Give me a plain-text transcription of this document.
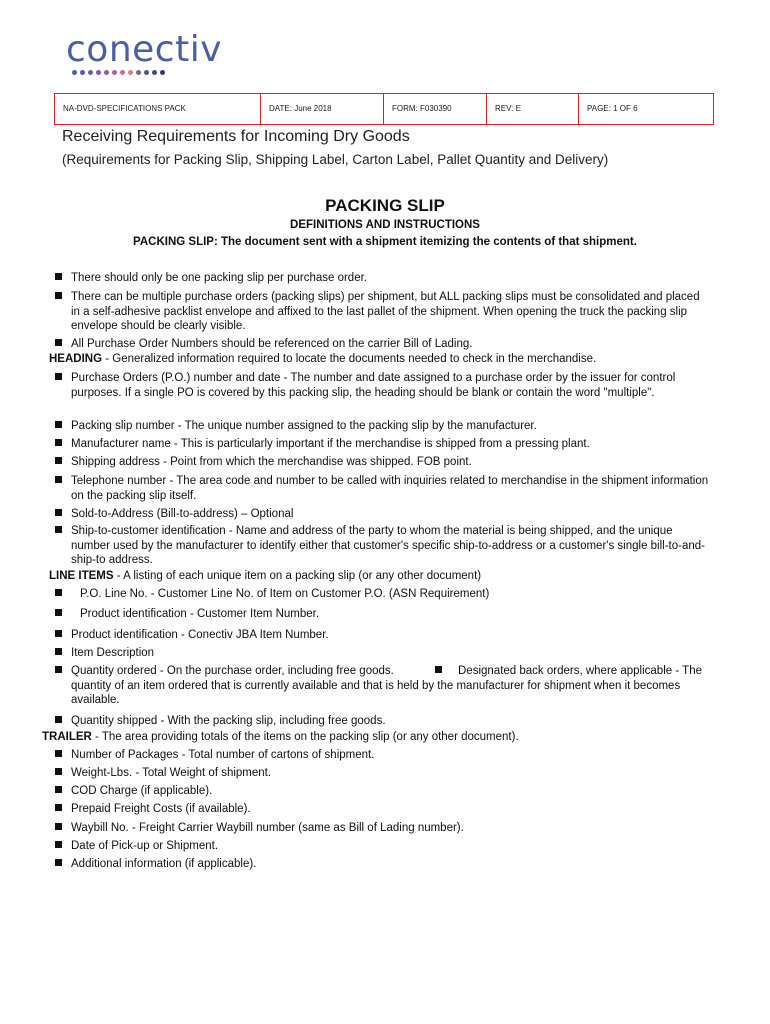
conectiv
NA-DVD-SPECIFICATIONS PACK	DATE: June 2018	FORM: F030390	REV: E	PAGE: 1 OF 6
Receiving Requirements for Incoming Dry Goods
(Requirements for Packing Slip, Shipping Label, Carton Label, Pallet Quantity and Delivery)
PACKING SLIP
DEFINITIONS AND INSTRUCTIONS
PACKING SLIP: The document sent with a shipment itemizing the contents of that shipment.
There should only be one packing slip per purchase order.
There can be multiple purchase orders (packing slips) per shipment, but ALL packing slips must be consolidated and placed in a self-adhesive packlist envelope and affixed to the last pallet of the shipment. When opening the truck the packing slip envelope should be clearly visible.
All Purchase Order Numbers should be referenced on the carrier Bill of Lading.
HEADING - Generalized information required to locate the documents needed to check in the merchandise.
Purchase Orders (P.O.) number and date - The number and date assigned to a purchase order by the issuer for control purposes. If a single PO is covered by this packing slip, the heading should be blank or contain the word "multiple".
Packing slip number - The unique number assigned to the packing slip by the manufacturer.
Manufacturer name - This is particularly important if the merchandise is shipped from a pressing plant.
Shipping address - Point from which the merchandise was shipped. FOB point.
Telephone number - The area code and number to be called with inquiries related to merchandise in the shipment information on the packing slip itself.
Sold-to-Address (Bill-to-address) – Optional
Ship-to-customer identification - Name and address of the party to whom the material is being shipped, and the unique number used by the manufacturer to identify either that customer's specific ship-to-address or a customer's single bill-to-and-ship-to address.
LINE ITEMS - A listing of each unique item on a packing slip (or any other document)
P.O. Line No. - Customer Line No. of Item on Customer P.O. (ASN Requirement)
Product identification - Customer Item Number.
Product identification - Conectiv JBA Item Number.
Item Description
Quantity ordered - On the purchase order, including free goods.	Designated back orders, where applicable - The quantity of an item ordered that is currently available and that is held by the manufacturer for shipment when it becomes available.
Quantity shipped - With the packing slip, including free goods.
TRAILER - The area providing totals of the items on the packing slip (or any other document).
Number of Packages - Total number of cartons of shipment.
Weight-Lbs. - Total Weight of shipment.
COD Charge (if applicable).
Prepaid Freight Costs (if available).
Waybill No. - Freight Carrier Waybill number (same as Bill of Lading number).
Date of Pick-up or Shipment.
Additional information (if applicable).
